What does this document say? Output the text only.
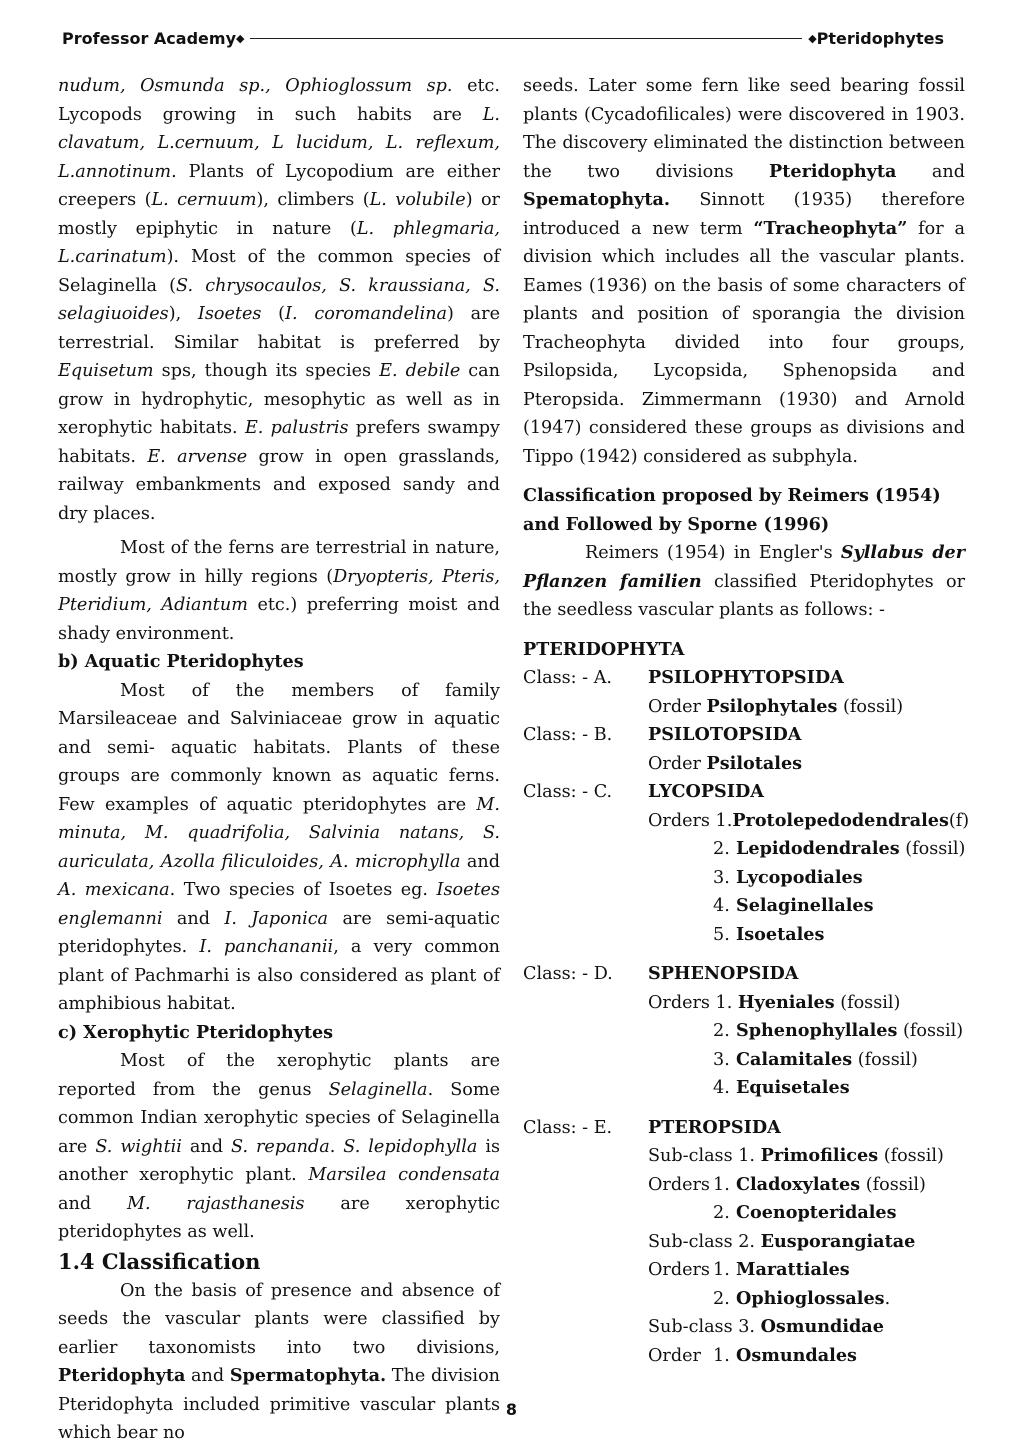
Professor Academy ◆	◆ Pteridophytes

nudum, Osmunda sp., Ophioglossum sp. etc. Lycopods growing in such habits are L. clavatum, L.cernuum, L lucidum, L. reflexum, L.annotinum. Plants of Lycopodium are either creepers (L. cernuum), climbers (L. volubile) or mostly epiphytic in nature (L. phlegmaria, L.carinatum). Most of the common species of Selaginella (S. chrysocaulos, S. kraussiana, S. selagiuoides), Isoetes (I. coromandelina) are terrestrial. Similar habitat is preferred by Equisetum sps, though its species E. debile can grow in hydrophytic, mesophytic as well as in xerophytic habitats. E. palustris prefers swampy habitats. E. arvense grow in open grasslands, railway embankments and exposed sandy and dry places.

Most of the ferns are terrestrial in nature, mostly grow in hilly regions (Dryopteris, Pteris, Pteridium, Adiantum etc.) preferring moist and shady environment.

b) Aquatic Pteridophytes

Most of the members of family Marsileaceae and Salviniaceae grow in aquatic and semi- aquatic habitats. Plants of these groups are commonly known as aquatic ferns. Few examples of aquatic pteridophytes are M. minuta, M. quadrifolia, Salvinia natans, S. auriculata, Azolla filiculoides, A. microphylla and A. mexicana. Two species of Isoetes eg. Isoetes englemanni and I. Japonica are semi-aquatic pteridophytes. I. panchananii, a very common plant of Pachmarhi is also considered as plant of amphibious habitat.

c) Xerophytic Pteridophytes

Most of the xerophytic plants are reported from the genus Selaginella. Some common Indian xerophytic species of Selaginella are S. wightii and S. repanda. S. lepidophylla is another xerophytic plant. Marsilea condensata and M. rajasthanesis are xerophytic pteridophytes as well.

1.4 Classification

On the basis of presence and absence of seeds the vascular plants were classified by earlier taxonomists into two divisions, Pteridophyta and Spermatophyta. The division Pteridophyta included primitive vascular plants which bear no

seeds. Later some fern like seed bearing fossil plants (Cycadofilicales) were discovered in 1903. The discovery eliminated the distinction between the two divisions Pteridophyta and Spematophyta. Sinnott (1935) therefore introduced a new term “Tracheophyta” for a division which includes all the vascular plants. Eames (1936) on the basis of some characters of plants and position of sporangia the division Tracheophyta divided into four groups, Psilopsida, Lycopsida, Sphenopsida and Pteropsida. Zimmermann (1930) and Arnold (1947) considered these groups as divisions and Tippo (1942) considered as subphyla.

Classification proposed by Reimers (1954) and Followed by Sporne (1996)

Reimers (1954) in Engler's Syllabus der Pflanzen familien classified Pteridophytes or the seedless vascular plants as follows: -

PTERIDOPHYTA

Class: - A. PSILOPHYTOPSIDA
Order Psilophytales (fossil)
Class: - B. PSILOTOPSIDA
Order Psilotales
Class: - C. LYCOPSIDA
Orders 1.Protolepedodendrales(f)
2. Lepidodendrales (fossil)
3. Lycopodiales
4. Selaginellales
5. Isoetales
Class: - D. SPHENOPSIDA
Orders 1. Hyeniales (fossil)
2. Sphenophyllales (fossil)
3. Calamitales (fossil)
4. Equisetales
Class: - E. PTEROPSIDA
Sub-class 1. Primofilices (fossil)
Orders 1. Cladoxylates (fossil)
2. Coenopteridales
Sub-class 2. Eusporangiatae
Orders 1. Marattiales
2. Ophioglossales.
Sub-class 3. Osmundidae
Order 1. Osmundales
8
